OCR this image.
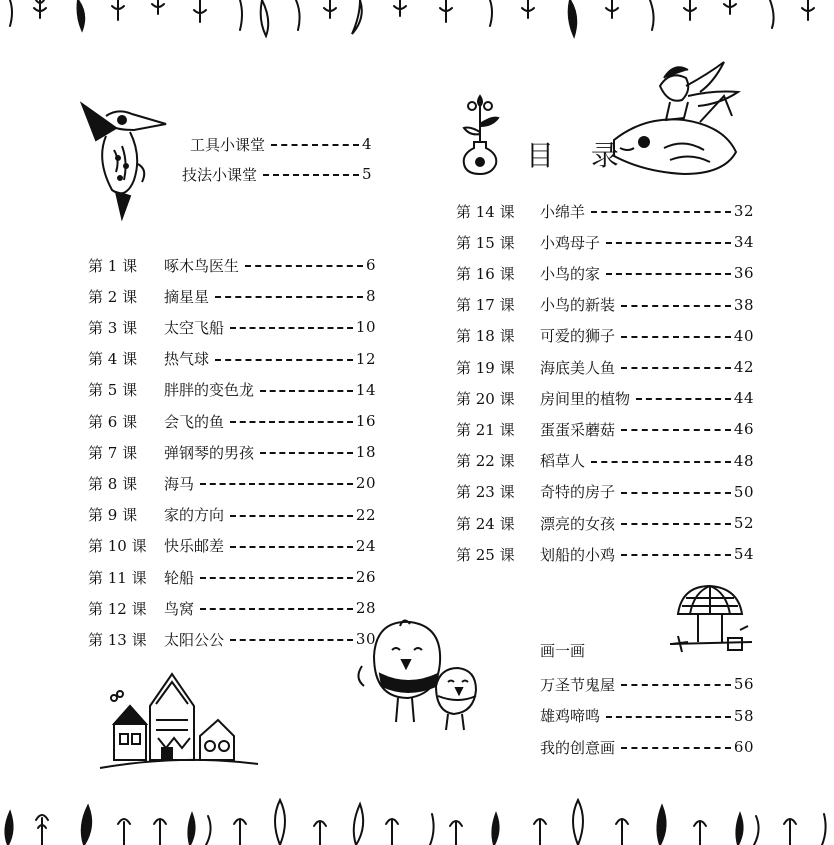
工具小课堂	4
技法小课堂	5
第 1 课	啄木鸟医生	6
第 2 课	摘星星	8
第 3 课	太空飞船	10
第 4 课	热气球	12
第 5 课	胖胖的变色龙	14
第 6 课	会飞的鱼	16
第 7 课	弹钢琴的男孩	18
第 8 课	海马	20
第 9 课	家的方向	22
第 10 课	快乐邮差	24
第 11 课	轮船	26
第 12 课	鸟窝	28
第 13 课	太阳公公	30
目 录
第 14 课	小绵羊	32
第 15 课	小鸡母子	34
第 16 课	小鸟的家	36
第 17 课	小鸟的新装	38
第 18 课	可爱的狮子	40
第 19 课	海底美人鱼	42
第 20 课	房间里的植物	44
第 21 课	蛋蛋采蘑菇	46
第 22 课	稻草人	48
第 23 课	奇特的房子	50
第 24 课	漂亮的女孩	52
第 25 课	划船的小鸡	54
画一画
万圣节鬼屋	56
雄鸡啼鸣	58
我的创意画	60
